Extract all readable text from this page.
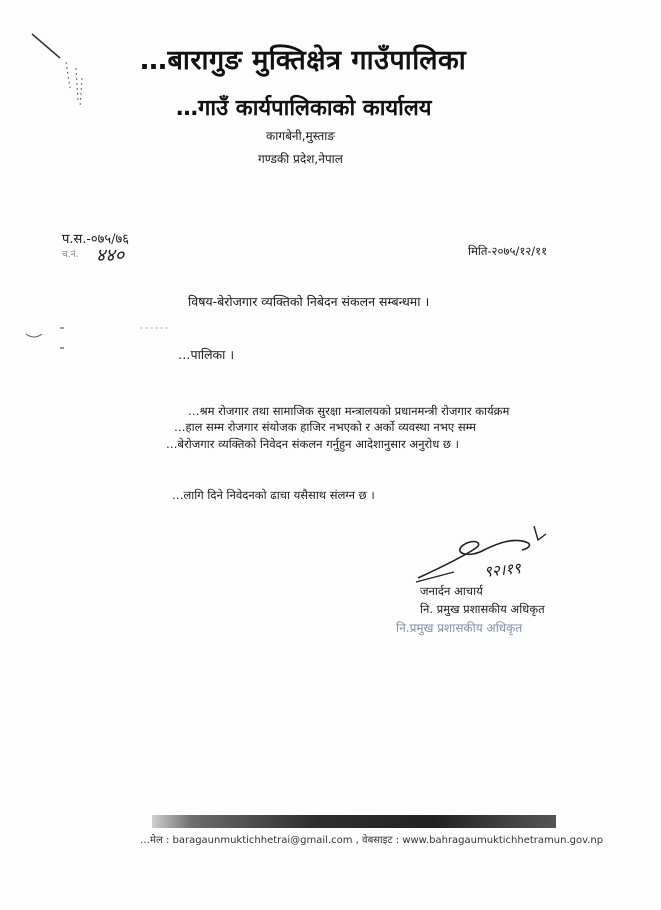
…बारागुङ मुक्तिक्षेत्र गाउँपालिका
…गाउँ कार्यपालिकाको कार्यालय
कागबेनी,मुस्ताङ
गण्डकी प्रदेश,नेपाल
प.स.-०७५/७६
च.नं. ४४०	मिति-२०७५/१२/११
विषय-बेरोजगार व्यक्तिको निबेदन संकलन सम्बन्धमा ।
…पालिका ।
…श्रम रोजगार तथा सामाजिक सुरक्षा मन्त्रालयको प्रधानमन्त्री रोजगार कार्यक्रम
…हाल सम्म रोजगार संयोजक हाजिर नभएको र अर्को व्यवस्था नभए सम्म
…बेरोजगार व्यक्तिको निवेदन संकलन गर्नुहुन आदेशानुसार अनुरोध छ ।
…लागि दिने निवेदनको ढाचा यसैसाथ संलग्न छ ।
९२।१९
जनार्दन आचार्य
नि. प्रमुख प्रशासकीय अधिकृत
नि.प्रमुख प्रशासकीय अधिकृत
…मेल : baragaunmuktichhetrai@gmail.com , वेबसाइट : www.bahragaumuktichhetramun.gov.np
